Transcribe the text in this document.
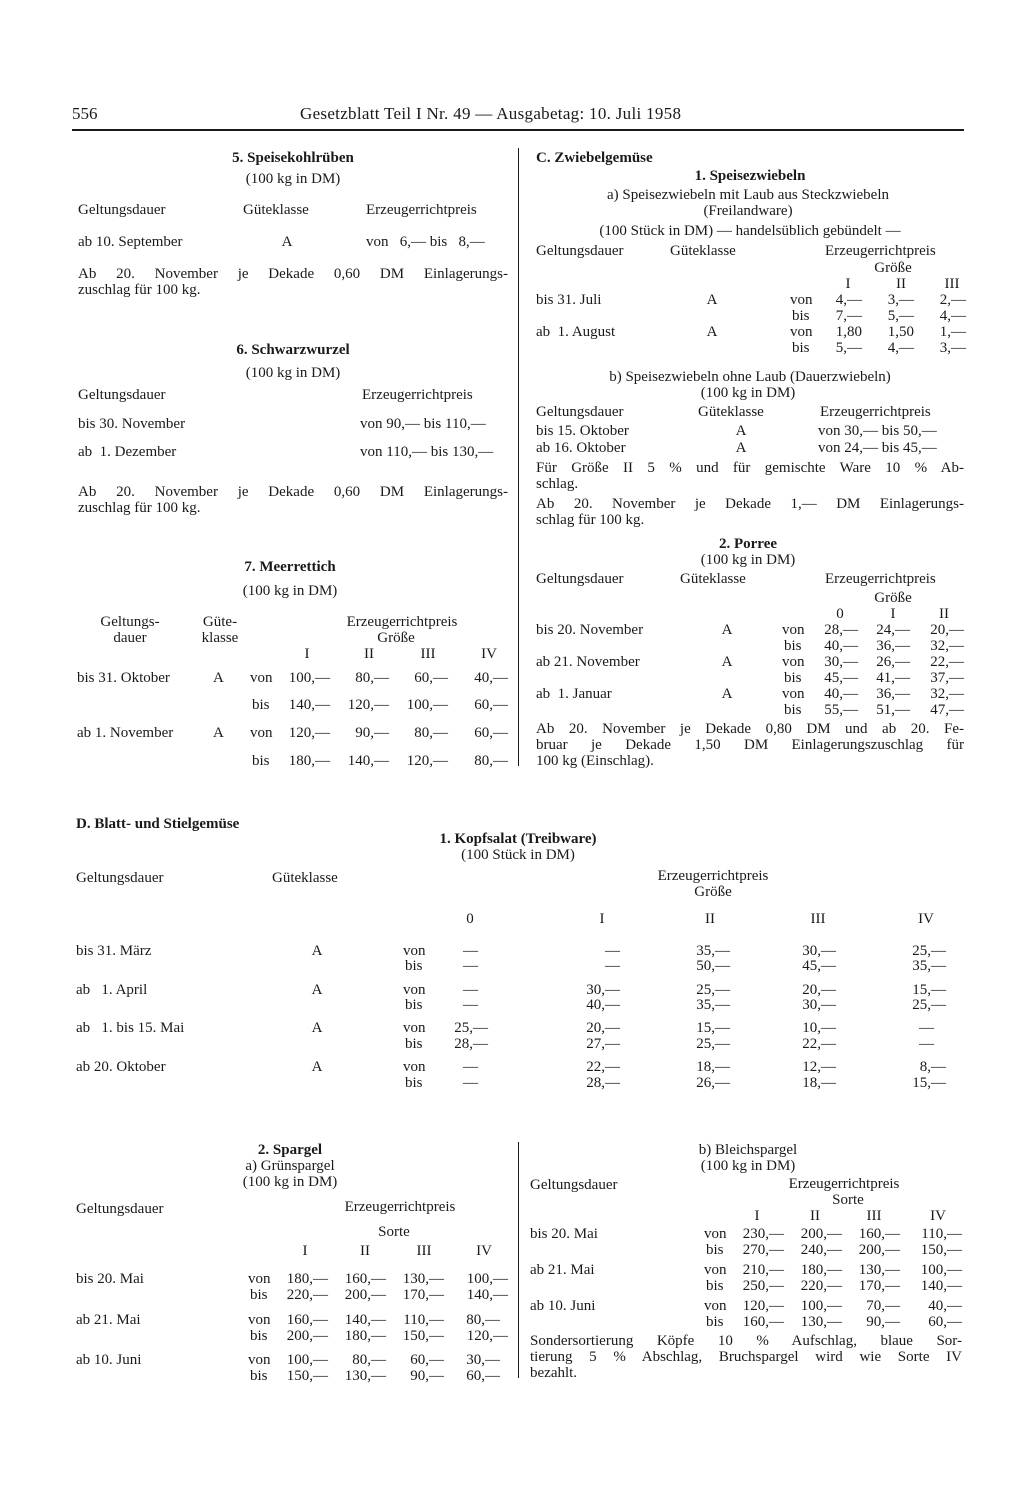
556	Gesetzblatt Teil I Nr. 49 — Ausgabetag: 10. Juli 1958
5. Speisekohlrüben
(100 kg in DM)
Geltungsdauer	Güteklasse	Erzeugerrichtpreis
ab 10. September	A	von   6,— bis   8,—
Ab 20. November je Dekade 0,60 DM Einlagerungs-
zuschlag für 100 kg.
6. Schwarzwurzel
(100 kg in DM)
Geltungsdauer	Erzeugerrichtpreis
bis 30. November	von 90,— bis 110,—
ab  1. Dezember	von 110,— bis 130,—
Ab 20. November je Dekade 0,60 DM Einlagerungs-
zuschlag für 100 kg.
7. Meerrettich
(100 kg in DM)
Geltungs-
dauer
Güte-
klasse
Erzeugerrichtpreis
Größe
I	II	III	IV
bis 31. Oktober	A von	100,—	80,—	60,—	40,—
bis	140,—	120,—	100,—	60,—
ab 1. November	A von	120,—	90,—	80,—	60,—
bis	180,—	140,—	120,—	80,—
C. Zwiebelgemüse
1. Speisezwiebeln
a) Speisezwiebeln mit Laub aus Steckzwiebeln
(Freilandware)
(100 Stück in DM) — handelsüblich gebündelt —
Geltungsdauer	Güteklasse	Erzeugerrichtpreis
Größe
I	II	III
bis 31. Juli	A	von	4,—	3,—	2,—
bis	7,—	5,—	4,—
ab  1. August	A	von	1,80	1,50	1,—
bis	5,—	4,—	3,—
b) Speisezwiebeln ohne Laub (Dauerzwiebeln)
(100 kg in DM)
Geltungsdauer	Güteklasse	Erzeugerrichtpreis
bis 15. Oktober	A	von 30,— bis 50,—
ab 16. Oktober	A	von 24,— bis 45,—
Für Größe II 5 % und für gemischte Ware 10 % Ab-
schlag.
Ab 20. November je Dekade 1,— DM Einlagerungs-
schlag für 100 kg.
2. Porree
(100 kg in DM)
Geltungsdauer	Güteklasse	Erzeugerrichtpreis
Größe
0	I	II
bis 20. November	A	von	28,—	24,—	20,—
bis	40,—	36,—	32,—
ab 21. November	A	von	30,—	26,—	22,—
bis	45,—	41,—	37,—
ab  1. Januar	A	von	40,—	36,—	32,—
bis	55,—	51,—	47,—
Ab 20. November je Dekade 0,80 DM und ab 20. Fe-
bruar je Dekade 1,50 DM Einlagerungszuschlag für
100 kg (Einschlag).
D. Blatt- und Stielgemüse
1. Kopfsalat (Treibware)
(100 Stück in DM)
Geltungsdauer	Güteklasse	Erzeugerrichtpreis
Größe
0	I	II	III	IV
bis 31. März	A	von	—	—	35,—	30,—	25,—
bis	—	—	50,—	45,—	35,—
ab   1. April	A	von	—	30,—	25,—	20,—	15,—
bis	—	40,—	35,—	30,—	25,—
ab   1. bis 15. Mai	A	von	25,—	20,—	15,—	10,—	—
bis	28,—	27,—	25,—	22,—	—
ab 20. Oktober	A	von	—	22,—	18,—	12,—	8,—
bis	—	28,—	26,—	18,—	15,—
2. Spargel
a) Grünspargel
(100 kg in DM)
Geltungsdauer	Erzeugerrichtpreis
Sorte
I	II	III	IV
bis 20. Mai	von	180,—	160,—	130,—	100,—
bis	220,—	200,—	170,—	140,—
ab 21. Mai	von	160,—	140,—	110,—	80,—
bis	200,—	180,—	150,—	120,—
ab 10. Juni	von	100,—	80,—	60,—	30,—
bis	150,—	130,—	90,—	60,—
b) Bleichspargel
(100 kg in DM)
Geltungsdauer	Erzeugerrichtpreis
Sorte
I	II	III	IV
bis 20. Mai	von	230,—	200,—	160,—	110,—
bis	270,—	240,—	200,—	150,—
ab 21. Mai	von	210,—	180,—	130,—	100,—
bis	250,—	220,—	170,—	140,—
ab 10. Juni	von	120,—	100,—	70,—	40,—
bis	160,—	130,—	90,—	60,—
Sondersortierung Köpfe 10 % Aufschlag, blaue Sor-
tierung 5 % Abschlag, Bruchspargel wird wie Sorte IV
bezahlt.
